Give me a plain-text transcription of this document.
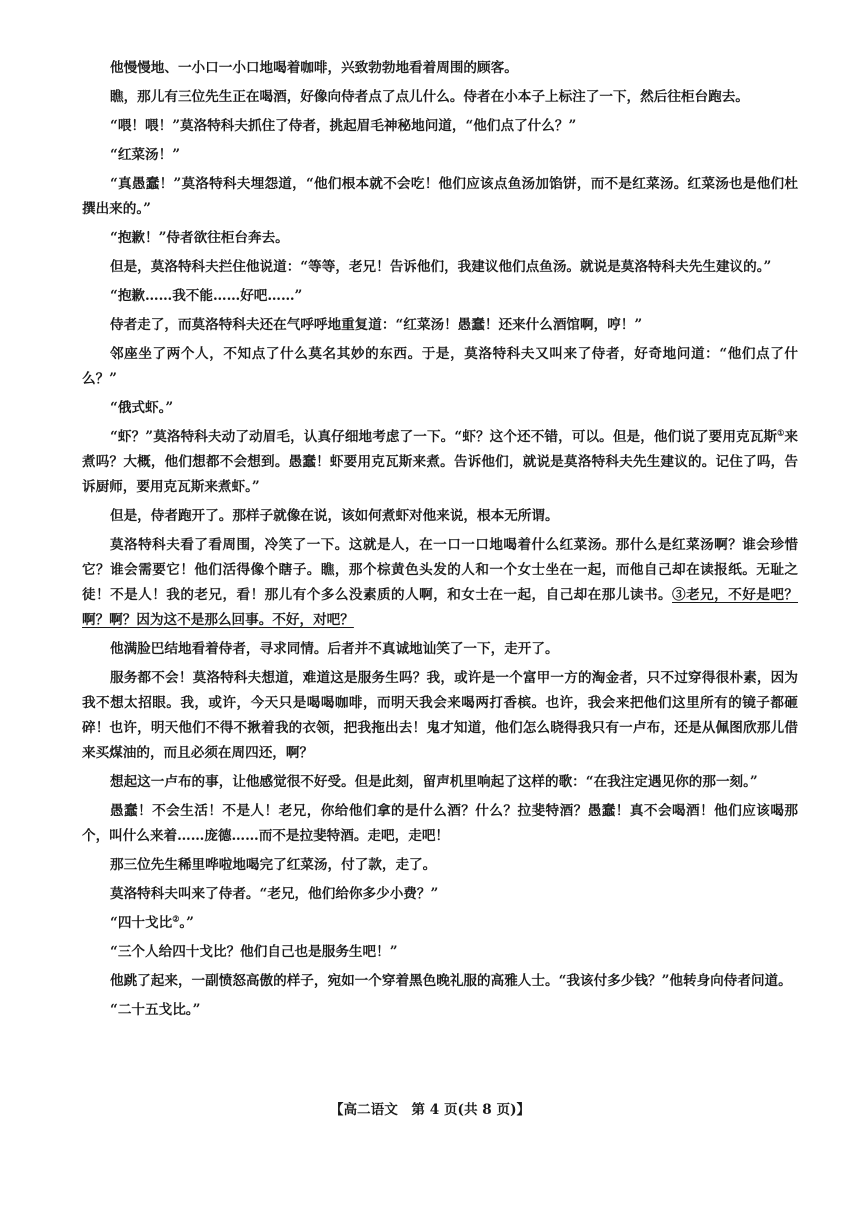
他慢慢地、一小口一小口地喝着咖啡，兴致勃勃地看着周围的顾客。

瞧，那儿有三位先生正在喝酒，好像向侍者点了点儿什么。侍者在小本子上标注了一下，然后往柜台跑去。

“喂！喂！”莫洛特科夫抓住了侍者，挑起眉毛神秘地问道，“他们点了什么？”

“红菜汤！”

“真愚蠢！”莫洛特科夫埋怨道，“他们根本就不会吃！他们应该点鱼汤加馅饼，而不是红菜汤。红菜汤也是他们杜撰出来的。”

“抱歉！”侍者欲往柜台奔去。

但是，莫洛特科夫拦住他说道：“等等，老兄！告诉他们，我建议他们点鱼汤。就说是莫洛特科夫先生建议的。”

“抱歉……我不能……好吧……”

侍者走了，而莫洛特科夫还在气呼呼地重复道：“红菜汤！愚蠢！还来什么酒馆啊，哼！”

邻座坐了两个人，不知点了什么莫名其妙的东西。于是，莫洛特科夫又叫来了侍者，好奇地问道：“他们点了什么？”

“俄式虾。”

“虾？”莫洛特科夫动了动眉毛，认真仔细地考虑了一下。“虾？这个还不错，可以。但是，他们说了要用克瓦斯①来煮吗？大概，他们想都不会想到。愚蠢！虾要用克瓦斯来煮。告诉他们，就说是莫洛特科夫先生建议的。记住了吗，告诉厨师，要用克瓦斯来煮虾。”

但是，侍者跑开了。那样子就像在说，该如何煮虾对他来说，根本无所谓。

莫洛特科夫看了看周围，冷笑了一下。这就是人，在一口一口地喝着什么红菜汤。那什么是红菜汤啊？谁会珍惜它？谁会需要它！他们活得像个瞎子。瞧，那个棕黄色头发的人和一个女士坐在一起，而他自己却在读报纸。无耻之徒！不是人！我的老兄，看！那儿有个多么没素质的人啊，和女士在一起，自己却在那儿读书。③老兄，不好是吧？啊？啊？因为这不是那么回事。不好，对吧？

他满脸巴结地看着侍者，寻求同情。后者并不真诚地讪笑了一下，走开了。

服务都不会！莫洛特科夫想道，难道这是服务生吗？我，或许是一个富甲一方的淘金者，只不过穿得很朴素，因为我不想太招眼。我，或许，今天只是喝喝咖啡，而明天我会来喝两打香槟。也许，我会来把他们这里所有的镜子都砸碎！也许，明天他们不得不揪着我的衣领，把我拖出去！鬼才知道，他们怎么晓得我只有一卢布，还是从佩图欣那儿借来买煤油的，而且必须在周四还，啊？

想起这一卢布的事，让他感觉很不好受。但是此刻，留声机里响起了这样的歌：“在我注定遇见你的那一刻。”

愚蠢！不会生活！不是人！老兄，你给他们拿的是什么酒？什么？拉斐特酒？愚蠢！真不会喝酒！他们应该喝那个，叫什么来着……庞德……而不是拉斐特酒。走吧，走吧！

那三位先生稀里哗啦地喝完了红菜汤，付了款，走了。

莫洛特科夫叫来了侍者。“老兄，他们给你多少小费？”

“四十戈比②。”

“三个人给四十戈比？他们自己也是服务生吧！”

他跳了起来，一副愤怒高傲的样子，宛如一个穿着黑色晚礼服的高雅人士。“我该付多少钱？”他转身向侍者问道。

“二十五戈比。”

【高二语文　第 4 页(共 8 页)】
